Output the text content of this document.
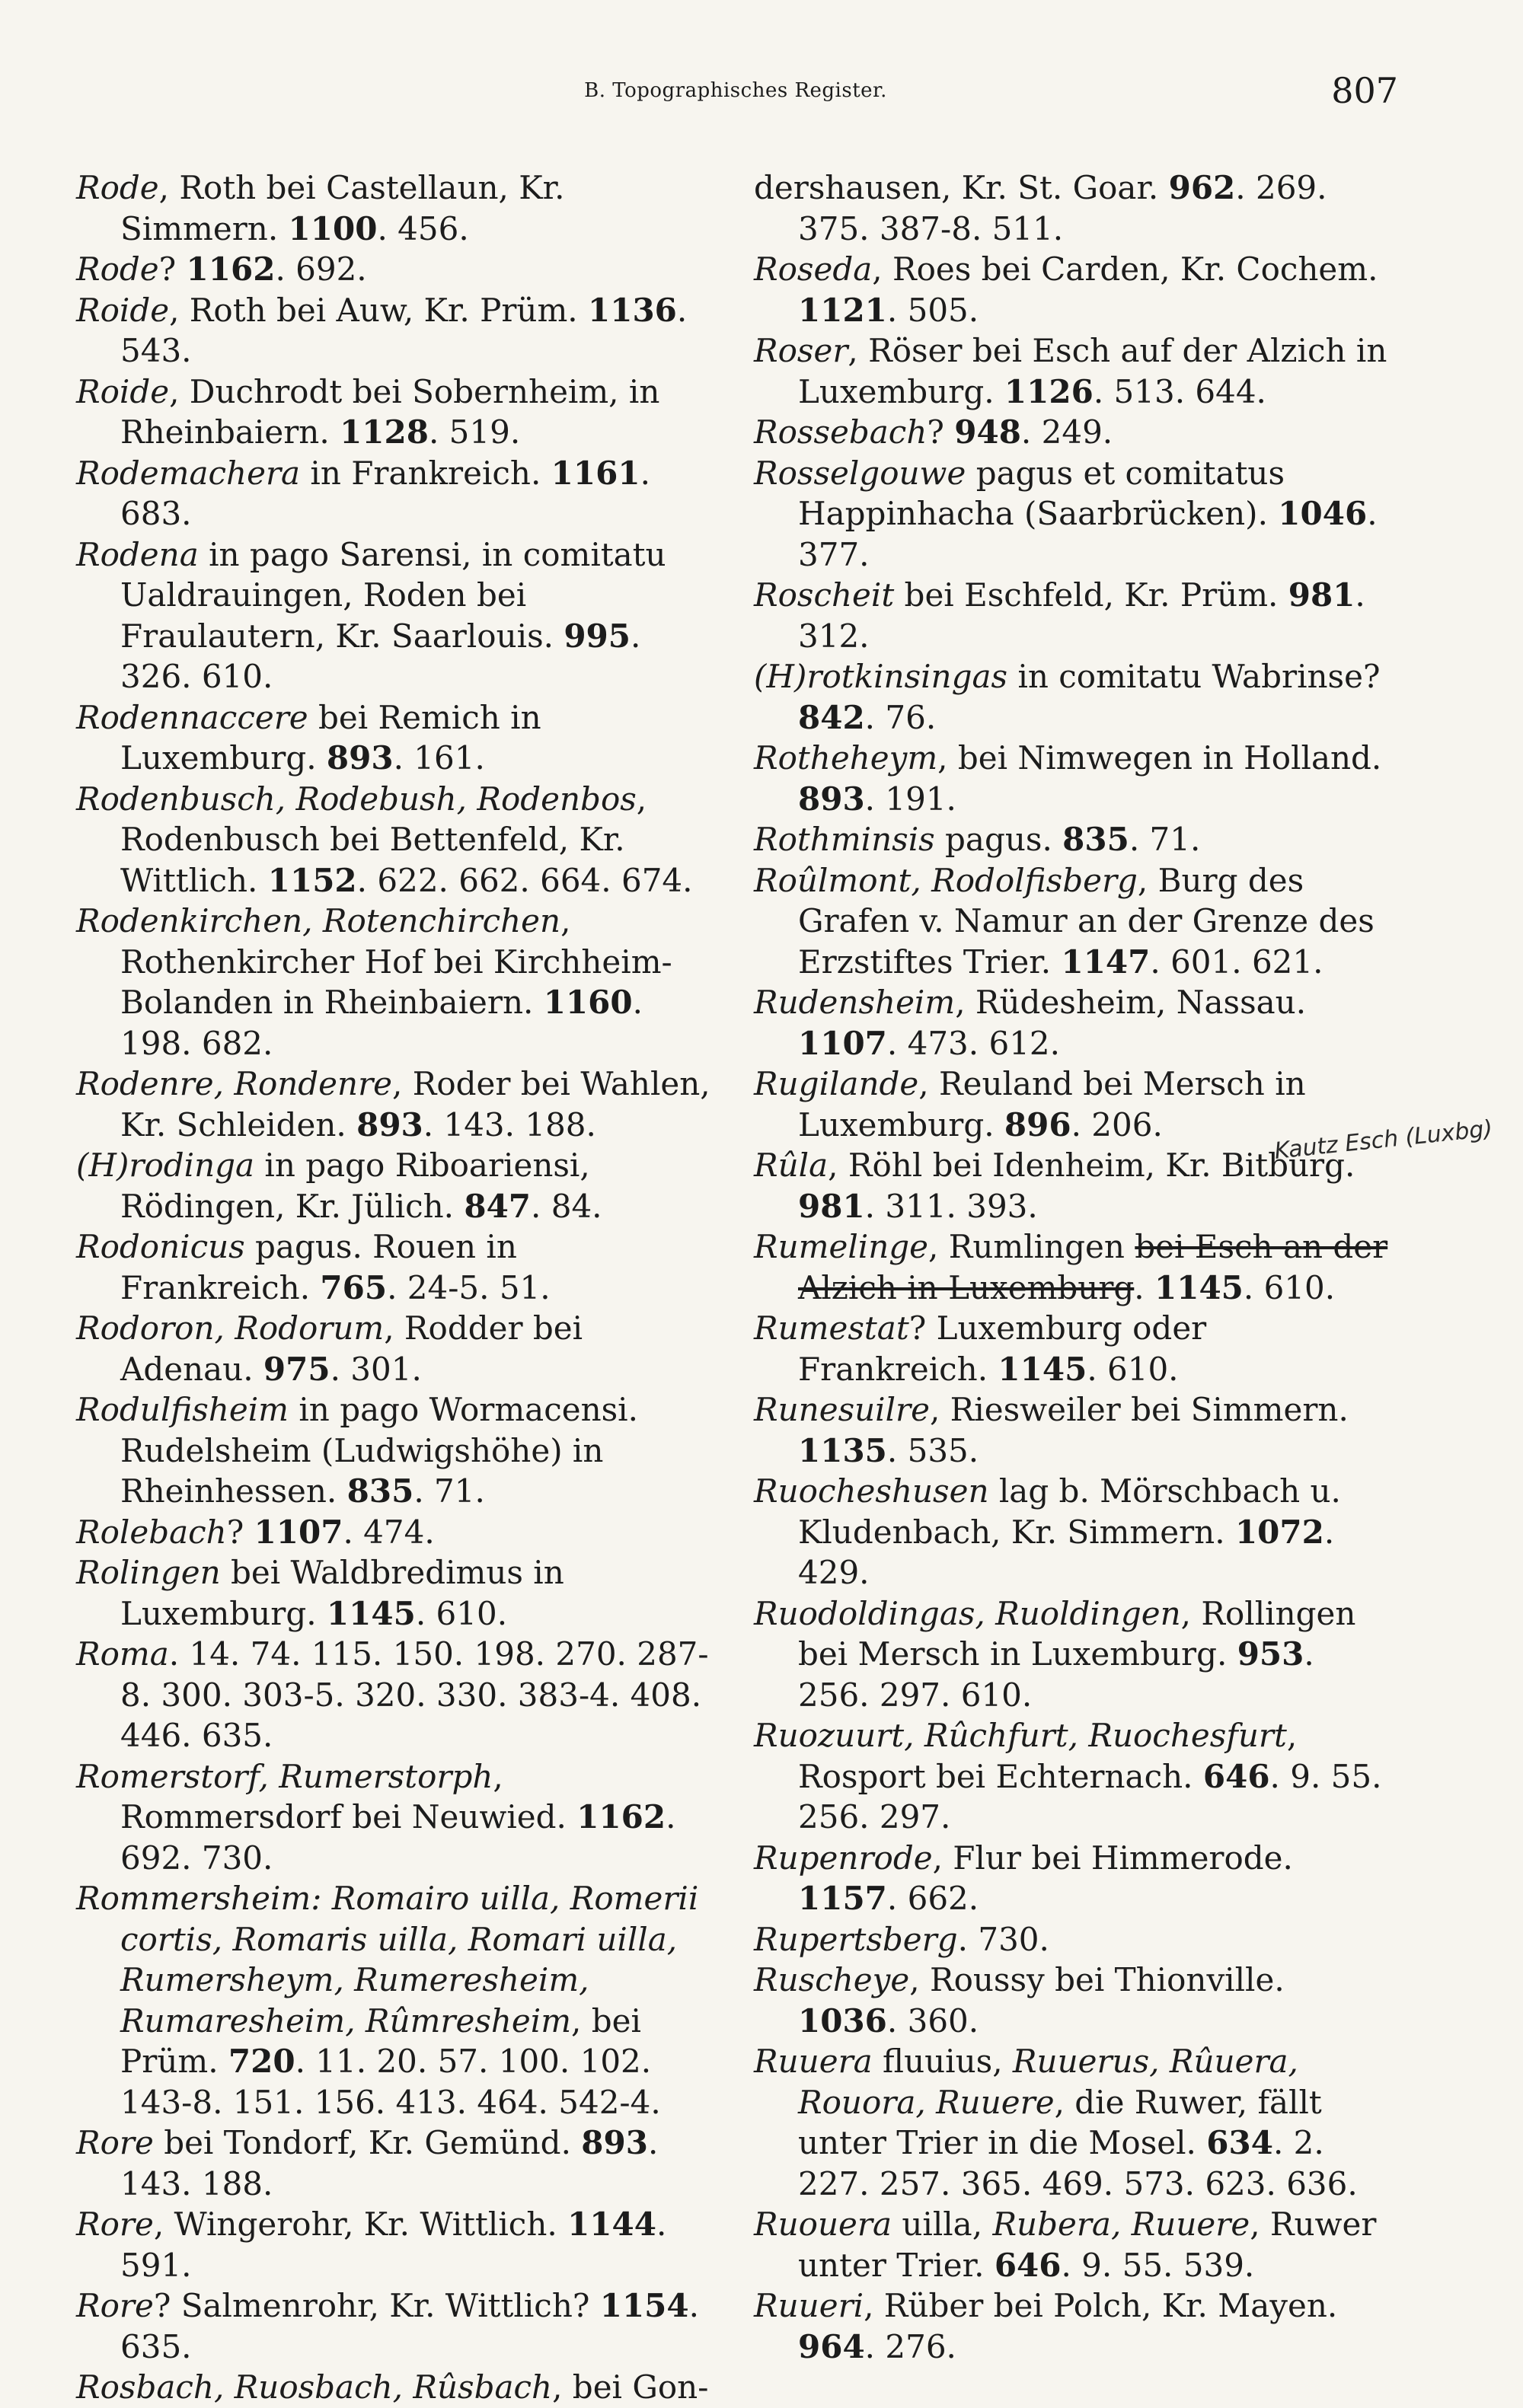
B. Topographisches Register.	807

Rode, Roth bei Castellaun, Kr. Simmern. 1100. 456.

Rode? 1162. 692.

Roide, Roth bei Auw, Kr. Prüm. 1136. 543.

Roide, Duchrodt bei Sobernheim, in Rheinbaiern. 1128. 519.

Rodemachera in Frankreich. 1161. 683.

Rodena in pago Sarensi, in comitatu Ualdrauingen, Roden bei Fraulautern, Kr. Saarlouis. 995. 326. 610.

Rodennaccere bei Remich in Luxemburg. 893. 161.

Rodenbusch, Rodebush, Rodenbos, Rodenbusch bei Bettenfeld, Kr. Wittlich. 1152. 622. 662. 664. 674.

Rodenkirchen, Rotenchirchen, Rothenkircher Hof bei Kirchheim-Bolanden in Rheinbaiern. 1160. 198. 682.

Rodenre, Rondenre, Roder bei Wahlen, Kr. Schleiden. 893. 143. 188.

(H)rodinga in pago Riboariensi, Rödingen, Kr. Jülich. 847. 84.

Rodonicus pagus. Rouen in Frankreich. 765. 24-5. 51.

Rodoron, Rodorum, Rodder bei Adenau. 975. 301.

Rodulfisheim in pago Wormacensi. Rudelsheim (Ludwigshöhe) in Rheinhessen. 835. 71.

Rolebach? 1107. 474.

Rolingen bei Waldbredimus in Luxemburg. 1145. 610.

Roma. 14. 74. 115. 150. 198. 270. 287-8. 300. 303-5. 320. 330. 383-4. 408. 446. 635.

Romerstorf, Rumerstorph, Rommersdorf bei Neuwied. 1162. 692. 730.

Rommersheim: Romairo uilla, Romerii cortis, Romaris uilla, Romari uilla, Rumersheym, Rumeresheim, Rumaresheim, Rûmresheim, bei Prüm. 720. 11. 20. 57. 100. 102. 143-8. 151. 156. 413. 464. 542-4.

Rore bei Tondorf, Kr. Gemünd. 893. 143. 188.

Rore, Wingerohr, Kr. Wittlich. 1144. 591.

Rore? Salmenrohr, Kr. Wittlich? 1154. 635.

Rosbach, Ruosbach, Rûsbach, bei Gon-

dershausen, Kr. St. Goar. 962. 269. 375. 387-8. 511.

Roseda, Roes bei Carden, Kr. Cochem. 1121. 505.

Roser, Röser bei Esch auf der Alzich in Luxemburg. 1126. 513. 644.

Rossebach? 948. 249.

Rosselgouwe pagus et comitatus Happinhacha (Saarbrücken). 1046. 377.

Roscheit bei Eschfeld, Kr. Prüm. 981. 312.

(H)rotkinsingas in comitatu Wabrinse? 842. 76.

Rotheheym, bei Nimwegen in Holland. 893. 191.

Rothminsis pagus. 835. 71.

Roûlmont, Rodolfisberg, Burg des Grafen v. Namur an der Grenze des Erzstiftes Trier. 1147. 601. 621.

Rudensheim, Rüdesheim, Nassau. 1107. 473. 612.

Rugilande, Reuland bei Mersch in Luxemburg. 896. 206.

Rûla, Röhl bei Idenheim, Kr. Bitburg. 981. 311. 393.

Rumelinge, Rumlingen bei Esch an der Alzich in Luxemburg. 1145. 610.

Rumestat? Luxemburg oder Frankreich. 1145. 610.

Runesuilre, Riesweiler bei Simmern. 1135. 535.

Ruocheshusen lag b. Mörschbach u. Kludenbach, Kr. Simmern. 1072. 429.

Ruodoldingas, Ruoldingen, Rollingen bei Mersch in Luxemburg. 953. 256. 297. 610.

Ruozuurt, Rûchfurt, Ruochesfurt, Rosport bei Echternach. 646. 9. 55. 256. 297.

Rupenrode, Flur bei Himmerode. 1157. 662.

Rupertsberg. 730.

Ruscheye, Roussy bei Thionville. 1036. 360.

Ruuera fluuius, Ruuerus, Rûuera, Rouora, Ruuere, die Ruwer, fällt unter Trier in die Mosel. 634. 2. 227. 257. 365. 469. 573. 623. 636.

Ruouera uilla, Rubera, Ruuere, Ruwer unter Trier. 646. 9. 55. 539.

Ruueri, Rüber bei Polch, Kr. Mayen. 964. 276.

Kautz Esch (Luxbg)
